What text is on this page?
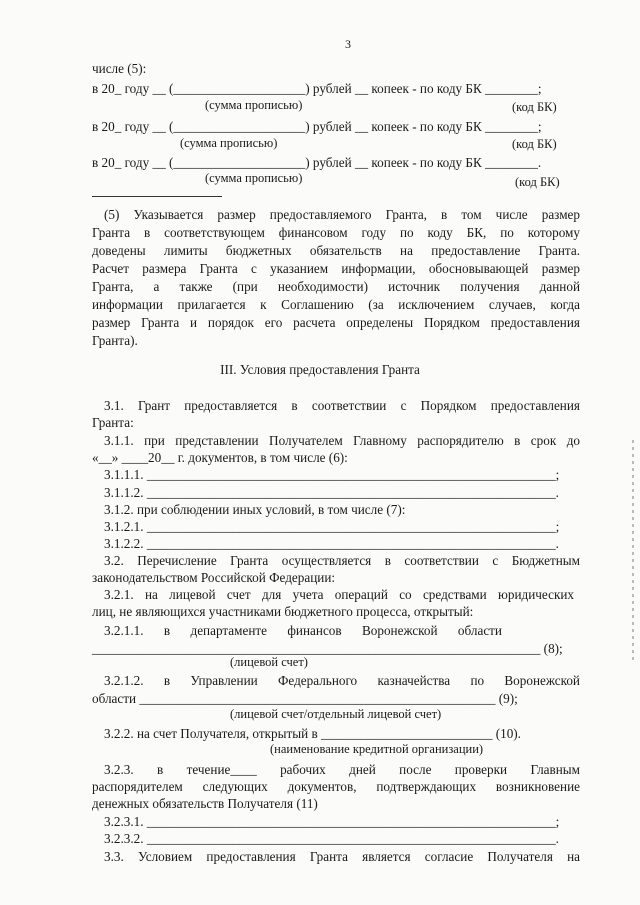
3
числе (5):
в 20_ году __ (____________________) рублей __ копеек - по коду БК ________;
(сумма прописью)	(код БК)
в 20_ году __ (____________________) рублей __ копеек - по коду БК ________;
(сумма прописью)	(код БК)
в 20_ году __ (____________________) рублей __ копеек - по коду БК ________.
(сумма прописью)	(код БК)
(5) Указывается размер предоставляемого Гранта, в том числе размер
Гранта в соответствующем финансовом году по коду БК, по которому
доведены лимиты бюджетных обязательств на предоставление Гранта.
Расчет размера Гранта с указанием информации, обосновывающей размер
Гранта, а также (при необходимости) источник получения данной
информации прилагается к Соглашению (за исключением случаев, когда
размер Гранта и порядок его расчета определены Порядком предоставления
Гранта).
III. Условия предоставления Гранта
3.1. Грант предоставляется в соответствии с Порядком предоставления
Гранта:
3.1.1. при представлении Получателем Главному распорядителю в срок до
«__» ____20__ г. документов, в том числе (6):
3.1.1.1. ______________________________________________________________;
3.1.1.2. ______________________________________________________________.
3.1.2. при соблюдении иных условий, в том числе (7):
3.1.2.1. ______________________________________________________________;
3.1.2.2. ______________________________________________________________.
3.2. Перечисление Гранта осуществляется в соответствии с Бюджетным
законодательством Российской Федерации:
3.2.1. на лицевой счет для учета операций со средствами юридических
лиц, не являющихся участниками бюджетного процесса, открытый:
3.2.1.1. в департаменте финансов Воронежской области
____________________________________________________________________ (8);
(лицевой счет)
3.2.1.2. в Управлении Федерального казначейства по Воронежской
области ______________________________________________________ (9);
(лицевой счет/отдельный лицевой счет)
3.2.2. на счет Получателя, открытый в __________________________ (10).
(наименование кредитной организации)
3.2.3. в течение____ рабочих дней после проверки Главным
распорядителем следующих документов, подтверждающих возникновение
денежных обязательств Получателя (11)
3.2.3.1. ______________________________________________________________;
3.2.3.2. ______________________________________________________________.
3.3. Условием предоставления Гранта является согласие Получателя на
